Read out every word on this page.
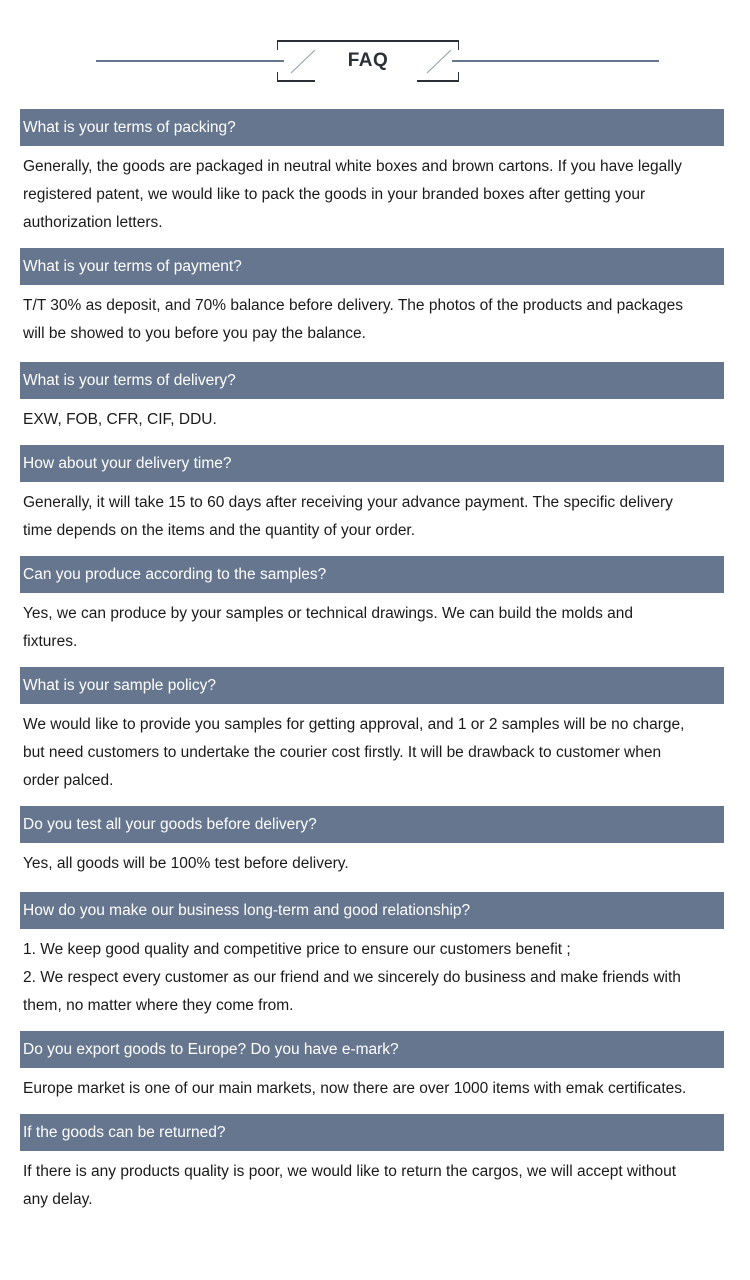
FAQ
What is your terms of packing?
Generally, the goods are packaged in neutral white boxes and brown cartons. If you have legally
registered patent, we would like to pack the goods in your branded boxes after getting your
authorization letters.
What is your terms of payment?
T/T 30% as deposit, and 70% balance before delivery. The photos of the products and packages
will be showed to you before you pay the balance.
What is your terms of delivery?
EXW, FOB, CFR, CIF, DDU.
How about your delivery time?
Generally, it will take 15 to 60 days after receiving your advance payment. The specific delivery
time depends on the items and the quantity of your order.
Can you produce according to the samples?
Yes, we can produce by your samples or technical drawings. We can build the molds and
fixtures.
What is your sample policy?
We would like to provide you samples for getting approval, and 1 or 2 samples will be no charge,
but need customers to undertake the courier cost firstly. It will be drawback to customer when
order palced.
Do you test all your goods before delivery?
Yes, all goods will be 100% test before delivery.
How do you make our business long-term and good relationship?
1. We keep good quality and competitive price to ensure our customers benefit ;
2. We respect every customer as our friend and we sincerely do business and make friends with
them, no matter where they come from.
Do you export goods to Europe? Do you have e-mark?
Europe market is one of our main markets, now there are over 1000 items with emak certificates.
If the goods can be returned?
If there is any products quality is poor, we would like to return the cargos, we will accept without
any delay.
